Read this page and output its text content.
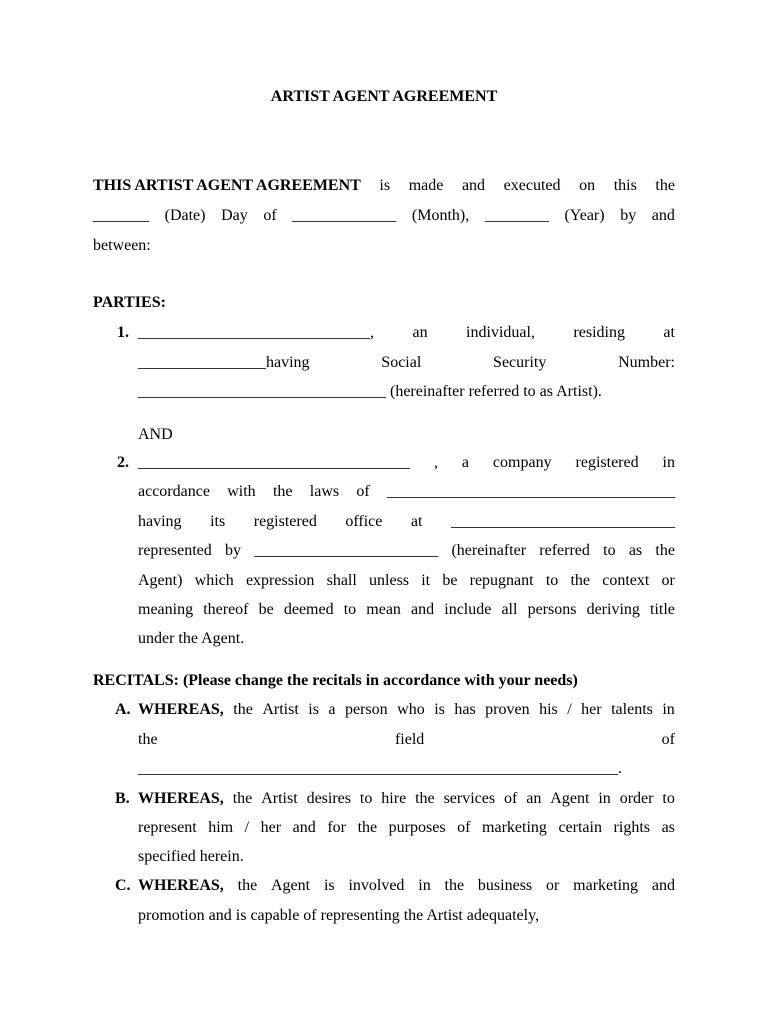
ARTIST AGENT AGREEMENT
THIS ARTIST AGENT AGREEMENT is made and executed on this the
_______ (Date) Day of _____________ (Month), ________ (Year) by and
between:
PARTIES:
1. _____________________________, an individual, residing at
________________having	Social	Security	Number:
_______________________________ (hereinafter referred to as Artist).
AND
2. __________________________________ , a company registered in
accordance with the laws of ____________________________________
having its registered office at ____________________________
represented by _______________________ (hereinafter referred to as the
Agent) which expression shall unless it be repugnant to the context or
meaning thereof be deemed to mean and include all persons deriving title
under the Agent.
RECITALS: (Please change the recitals in accordance with your needs)
A. WHEREAS, the Artist is a person who is has proven his / her talents in
the	field	of
____________________________________________________________.
B. WHEREAS, the Artist desires to hire the services of an Agent in order to
represent him / her and for the purposes of marketing certain rights as
specified herein.
C. WHEREAS, the Agent is involved in the business or marketing and
promotion and is capable of representing the Artist adequately,
